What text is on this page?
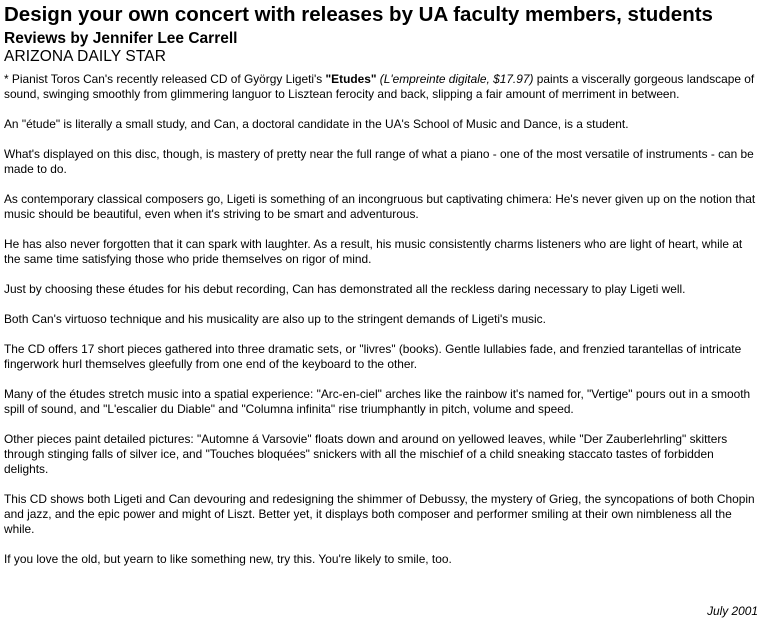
Design your own concert with releases by UA faculty members, students
Reviews by Jennifer Lee Carrell
ARIZONA DAILY STAR

* Pianist Toros Can's recently released CD of György Ligeti's "Etudes" (L'empreinte digitale, $17.97) paints a viscerally gorgeous landscape of sound, swinging smoothly from glimmering languor to Lisztean ferocity and back, slipping a fair amount of merriment in between.

An "étude" is literally a small study, and Can, a doctoral candidate in the UA's School of Music and Dance, is a student.

What's displayed on this disc, though, is mastery of pretty near the full range of what a piano - one of the most versatile of instruments - can be made to do.

As contemporary classical composers go, Ligeti is something of an incongruous but captivating chimera: He's never given up on the notion that music should be beautiful, even when it's striving to be smart and adventurous.

He has also never forgotten that it can spark with laughter. As a result, his music consistently charms listeners who are light of heart, while at the same time satisfying those who pride themselves on rigor of mind.

Just by choosing these études for his debut recording, Can has demonstrated all the reckless daring necessary to play Ligeti well.

Both Can's virtuoso technique and his musicality are also up to the stringent demands of Ligeti's music.

The CD offers 17 short pieces gathered into three dramatic sets, or "livres" (books). Gentle lullabies fade, and frenzied tarantellas of intricate fingerwork hurl themselves gleefully from one end of the keyboard to the other.

Many of the études stretch music into a spatial experience: "Arc-en-ciel" arches like the rainbow it's named for, "Vertige" pours out in a smooth spill of sound, and "L'escalier du Diable" and "Columna infinita" rise triumphantly in pitch, volume and speed.

Other pieces paint detailed pictures: "Automne á Varsovie" floats down and around on yellowed leaves, while "Der Zauberlehrling" skitters through stinging falls of silver ice, and "Touches bloquées" snickers with all the mischief of a child sneaking staccato tastes of forbidden delights.

This CD shows both Ligeti and Can devouring and redesigning the shimmer of Debussy, the mystery of Grieg, the syncopations of both Chopin and jazz, and the epic power and might of Liszt. Better yet, it displays both composer and performer smiling at their own nimbleness all the while.

If you love the old, but yearn to like something new, try this. You're likely to smile, too.

July 2001
